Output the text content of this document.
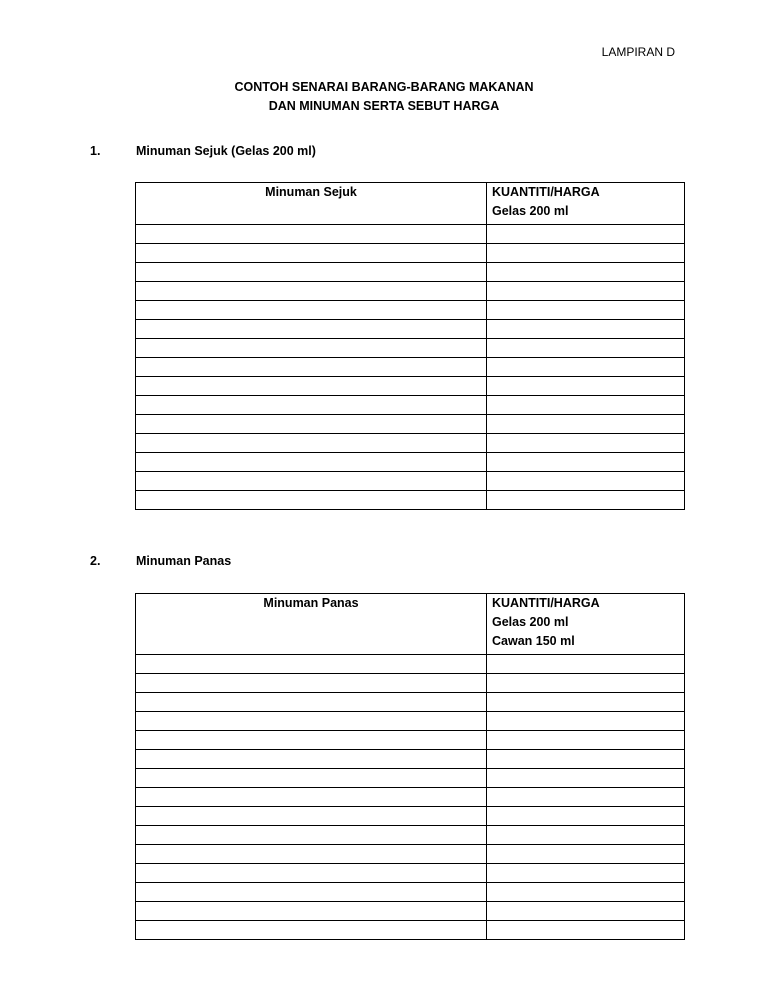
LAMPIRAN D
CONTOH SENARAI BARANG-BARANG MAKANAN
DAN MINUMAN SERTA SEBUT HARGA
1.	Minuman Sejuk (Gelas 200 ml)
Minuman Sejuk	KUANTITI/HARGA
Gelas 200 ml

2.	Minuman Panas
Minuman Panas	KUANTITI/HARGA
Gelas 200 ml
Cawan 150 ml
